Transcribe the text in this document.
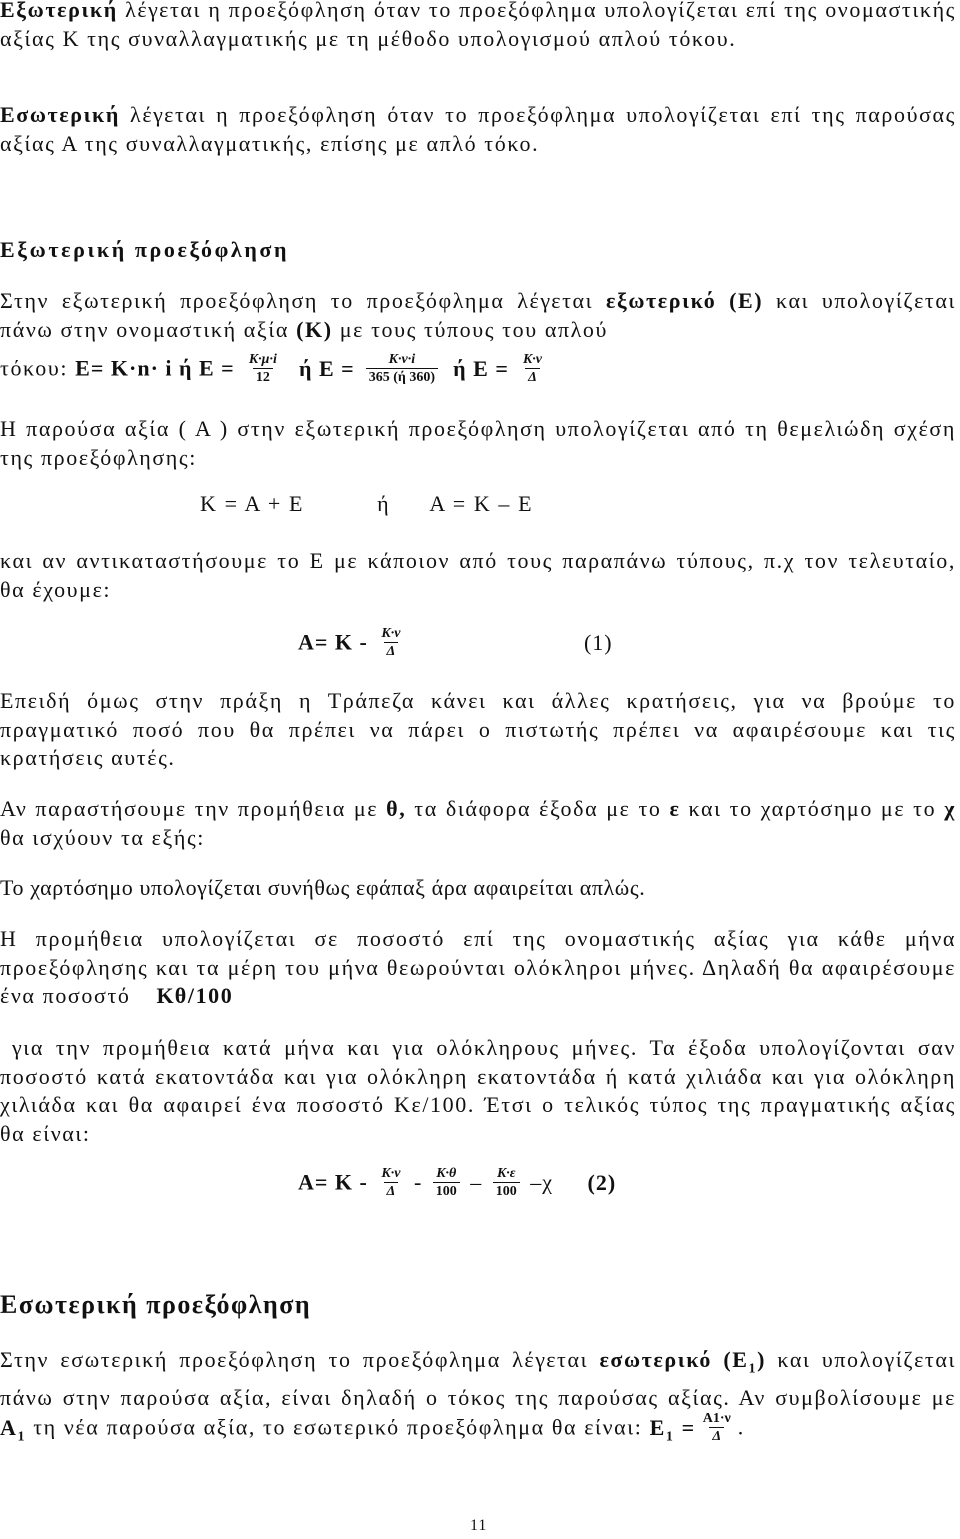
Εξωτερική λέγεται η προεξόφληση όταν το προεξόφλημα υπολογίζεται επί της ονομαστικής αξίας Κ της συναλλαγματικής με τη μέθοδο υπολογισμού απλού τόκου.

Εσωτερική λέγεται η προεξόφληση όταν το προεξόφλημα υπολογίζεται επί της παρούσας αξίας Α της συναλλαγματικής, επίσης με απλό τόκο.

Εξωτερική προεξόφληση

Στην εξωτερική προεξόφληση το προεξόφλημα λέγεται εξωτερικό (Ε) και υπολογίζεται πάνω στην ονομαστική αξία (Κ) με τους τύπους του απλού

τόκου: Ε= Κ·n· i ή $E = \frac{K\cdot\mu\cdot i}{12}$ ή $E = \frac{K\cdot\nu\cdot i}{365 (ή 360)}$ ή $E = \frac{K\cdot\nu}{\Delta}$

Η παρούσα αξία ( Α ) στην εξωτερική προεξόφληση υπολογίζεται από τη θεμελιώδη σχέση της προεξόφλησης:

Κ = Α + Ε	ή Α = Κ – Ε

και αν αντικαταστήσουμε το Ε με κάποιον από τους παραπάνω τύπους, π.χ τον τελευταίο, θα έχουμε:

$A= K - \frac{K\cdot\nu}{\Delta}$	(1)

Επειδή όμως στην πράξη η Τράπεζα κάνει και άλλες κρατήσεις, για να βρούμε το πραγματικό ποσό που θα πρέπει να πάρει ο πιστωτής πρέπει να αφαιρέσουμε και τις κρατήσεις αυτές.

Αν παραστήσουμε την προμήθεια με θ, τα διάφορα έξοδα με το ε και το χαρτόσημο με το χ θα ισχύουν τα εξής:

Το χαρτόσημο υπολογίζεται συνήθως εφάπαξ άρα αφαιρείται απλώς.

Η προμήθεια υπολογίζεται σε ποσοστό επί της ονομαστικής αξίας για κάθε μήνα προεξόφλησης και τα μέρη του μήνα θεωρούνται ολόκληροι μήνες. Δηλαδή θα αφαιρέσουμε ένα ποσοστό Κθ/100

για την προμήθεια κατά μήνα και για ολόκληρους μήνες. Τα έξοδα υπολογίζονται σαν ποσοστό κατά εκατοντάδα και για ολόκληρη εκατοντάδα ή κατά χιλιάδα και για ολόκληρη χιλιάδα και θα αφαιρεί ένα ποσοστό Κε/100. Έτσι ο τελικός τύπος της πραγματικής αξίας θα είναι:

$A= K - \frac{K\cdot\nu}{\Delta} - \frac{K\cdot\theta}{100} - \frac{K\cdot\varepsilon}{100} -\chi$ (2)
Εσωτερική προεξόφληση

Στην εσωτερική προεξόφληση το προεξόφλημα λέγεται εσωτερικό $(E_1)$ και υπολογίζεται πάνω στην παρούσα αξία, είναι δηλαδή ο τόκος της παρούσας αξίας. Αν συμβολίσουμε με $A_1$ τη νέα παρούσα αξία, το εσωτερικό προεξόφλημα θα είναι: $E_1 = \frac{A1\cdot\nu}{\Delta}$ .

11
